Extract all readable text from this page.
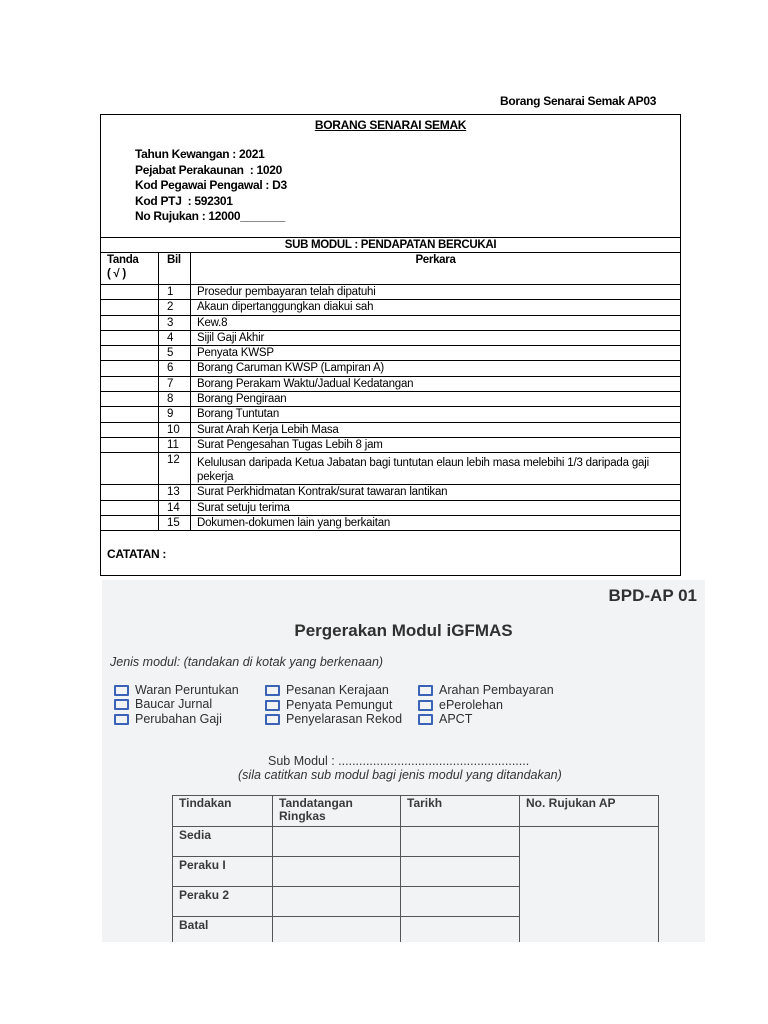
Borang Senarai Semak AP03
BORANG SENARAI SEMAK
Tahun Kewangan : 2021
Pejabat Perakaunan  : 1020
Kod Pegawai Pengawal : D3
Kod PTJ  : 592301
No Rujukan : 12000_______
SUB MODUL : PENDAPATAN BERCUKAI		

Tanda
( √ )	Bil	Perkara
	1	Prosedur pembayaran telah dipatuhi
	2	Akaun dipertanggungkan diakui sah
	3	Kew.8
	4	Sijil Gaji Akhir
	5	Penyata KWSP
	6	Borang Caruman KWSP (Lampiran A)
	7	Borang Perakam Waktu/Jadual Kedatangan
	8	Borang Pengiraan
	9	Borang Tuntutan
	10	Surat Arah Kerja Lebih Masa
	11	Surat Pengesahan Tugas Lebih 8 jam
	12	Kelulusan daripada Ketua Jabatan bagi tuntutan elaun lebih masa melebihi 1/3 daripada gaji pekerja
	13	Surat Perkhidmatan Kontrak/surat tawaran lantikan
	14	Surat setuju terima
	15	Dokumen-dokumen lain yang berkaitan
CATATAN :
BPD-AP 01
Pergerakan Modul iGFMAS
Jenis modul: (tandakan di kotak yang berkenaan)
Waran Peruntukan
Baucar Jurnal
Perubahan Gaji
Pesanan Kerajaan
Penyata Pemungut
Penyelarasan Rekod
Arahan Pembayaran
ePerolehan
APCT
Sub Modul : .......................................................
(sila catitkan sub modul bagi jenis modul yang ditandakan)
Tindakan	Tandatangan Ringkas	Tarikh	No. Rujukan AP
Sedia			
Peraku I			
Peraku 2			
Batal			
